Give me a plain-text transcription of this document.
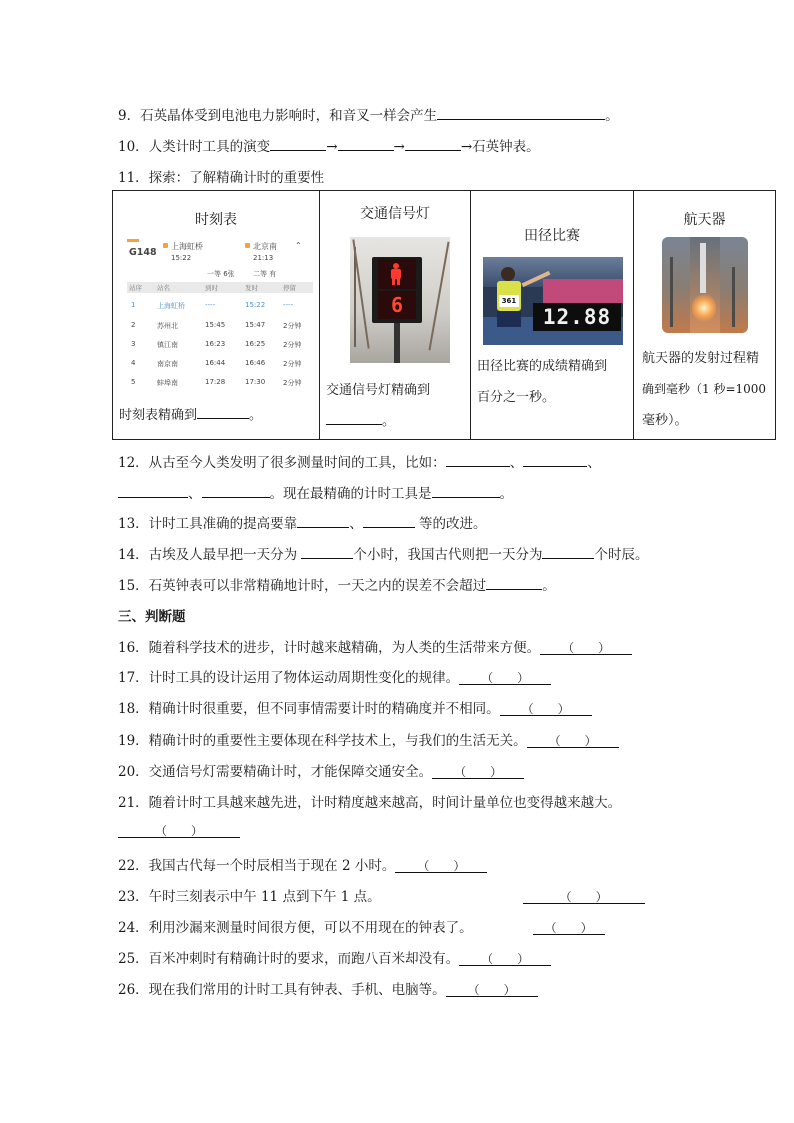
9．石英晶体受到电池电力影响时，和音叉一样会产生	。
10．人类计时工具的演变	→	→	→石英钟表。
11．探索：了解精确计时的重要性
时刻表
G148
上海虹桥
15:22
北京南
21:13
⌃
一等 6张	二等 有
站序 站名	到时	发时	停留
1	上海虹桥	----	15:22	----
2	苏州北	15:45	15:47	2分钟
3	镇江南	16:23	16:25	2分钟
4	南京南	16:44	16:46	2分钟
5	蚌埠南	17:28	17:30	2分钟
时刻表精确到	。

交通信号灯
6
交通信号灯精确到
。

田径比赛
361
12.88
田径比赛的成绩精确到
百分之一秒。

航天器
航天器的发射过程精
确到毫秒（1 秒=1000
毫秒）。
12．从古至今人类发明了很多测量时间的工具，比如：	、	、
、	。现在最精确的计时工具是	。
13．计时工具准确的提高要靠	、	等的改进。
14．古埃及人最早把一天分为	个小时，我国古代则把一天分为	个时辰。
15．石英钟表可以非常精确地计时，一天之内的误差不会超过	。
三、判断题
16．随着科学技术的进步，计时越来越精确，为人类的生活带来方便。 （　　）
17．计时工具的设计运用了物体运动周期性变化的规律。 （　　）
18．精确计时很重要，但不同事情需要计时的精确度并不相同。 （　　）
19．精确计时的重要性主要体现在科学技术上，与我们的生活无关。 （　　）
20．交通信号灯需要精确计时，才能保障交通安全。 （　　）
21．随着计时工具越来越先进，计时精度越来越高，时间计量单位也变得越来越大。
（　　）
22．我国古代每一个时辰相当于现在 2 小时。 （　　）
23．午时三刻表示中午 11 点到下午 1 点。	（　　）
24．利用沙漏来测量时间很方便，可以不用现在的钟表了。	（　　）
25．百米冲刺时有精确计时的要求，而跑八百米却没有。 （　　）
26．现在我们常用的计时工具有钟表、手机、电脑等。 （　　）
